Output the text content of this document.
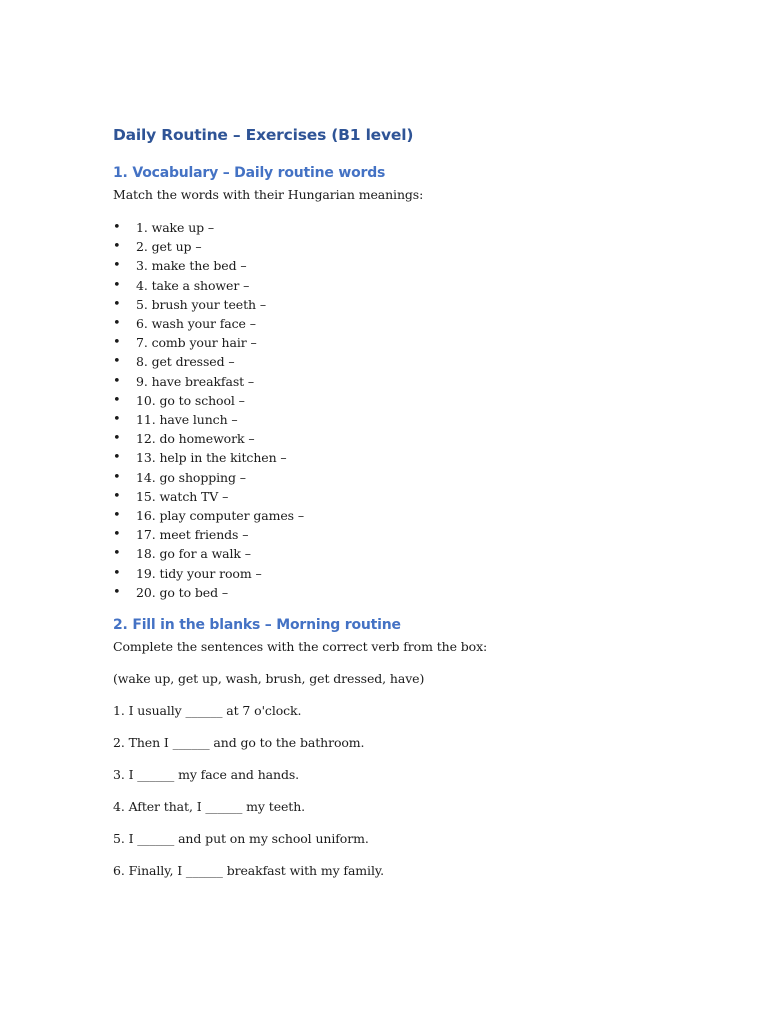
Daily Routine – Exercises (B1 level)
1. Vocabulary – Daily routine words

Match the words with their Hungarian meanings:

• 1. wake up –
• 2. get up –
• 3. make the bed –
• 4. take a shower –
• 5. brush your teeth –
• 6. wash your face –
• 7. comb your hair –
• 8. get dressed –
• 9. have breakfast –
• 10. go to school –
• 11. have lunch –
• 12. do homework –
• 13. help in the kitchen –
• 14. go shopping –
• 15. watch TV –
• 16. play computer games –
• 17. meet friends –
• 18. go for a walk –
• 19. tidy your room –
• 20. go to bed –
2. Fill in the blanks – Morning routine

Complete the sentences with the correct verb from the box:

(wake up, get up, wash, brush, get dressed, have)

1. I usually ______ at 7 o'clock.

2. Then I ______ and go to the bathroom.

3. I ______ my face and hands.

4. After that, I ______ my teeth.

5. I ______ and put on my school uniform.

6. Finally, I ______ breakfast with my family.
